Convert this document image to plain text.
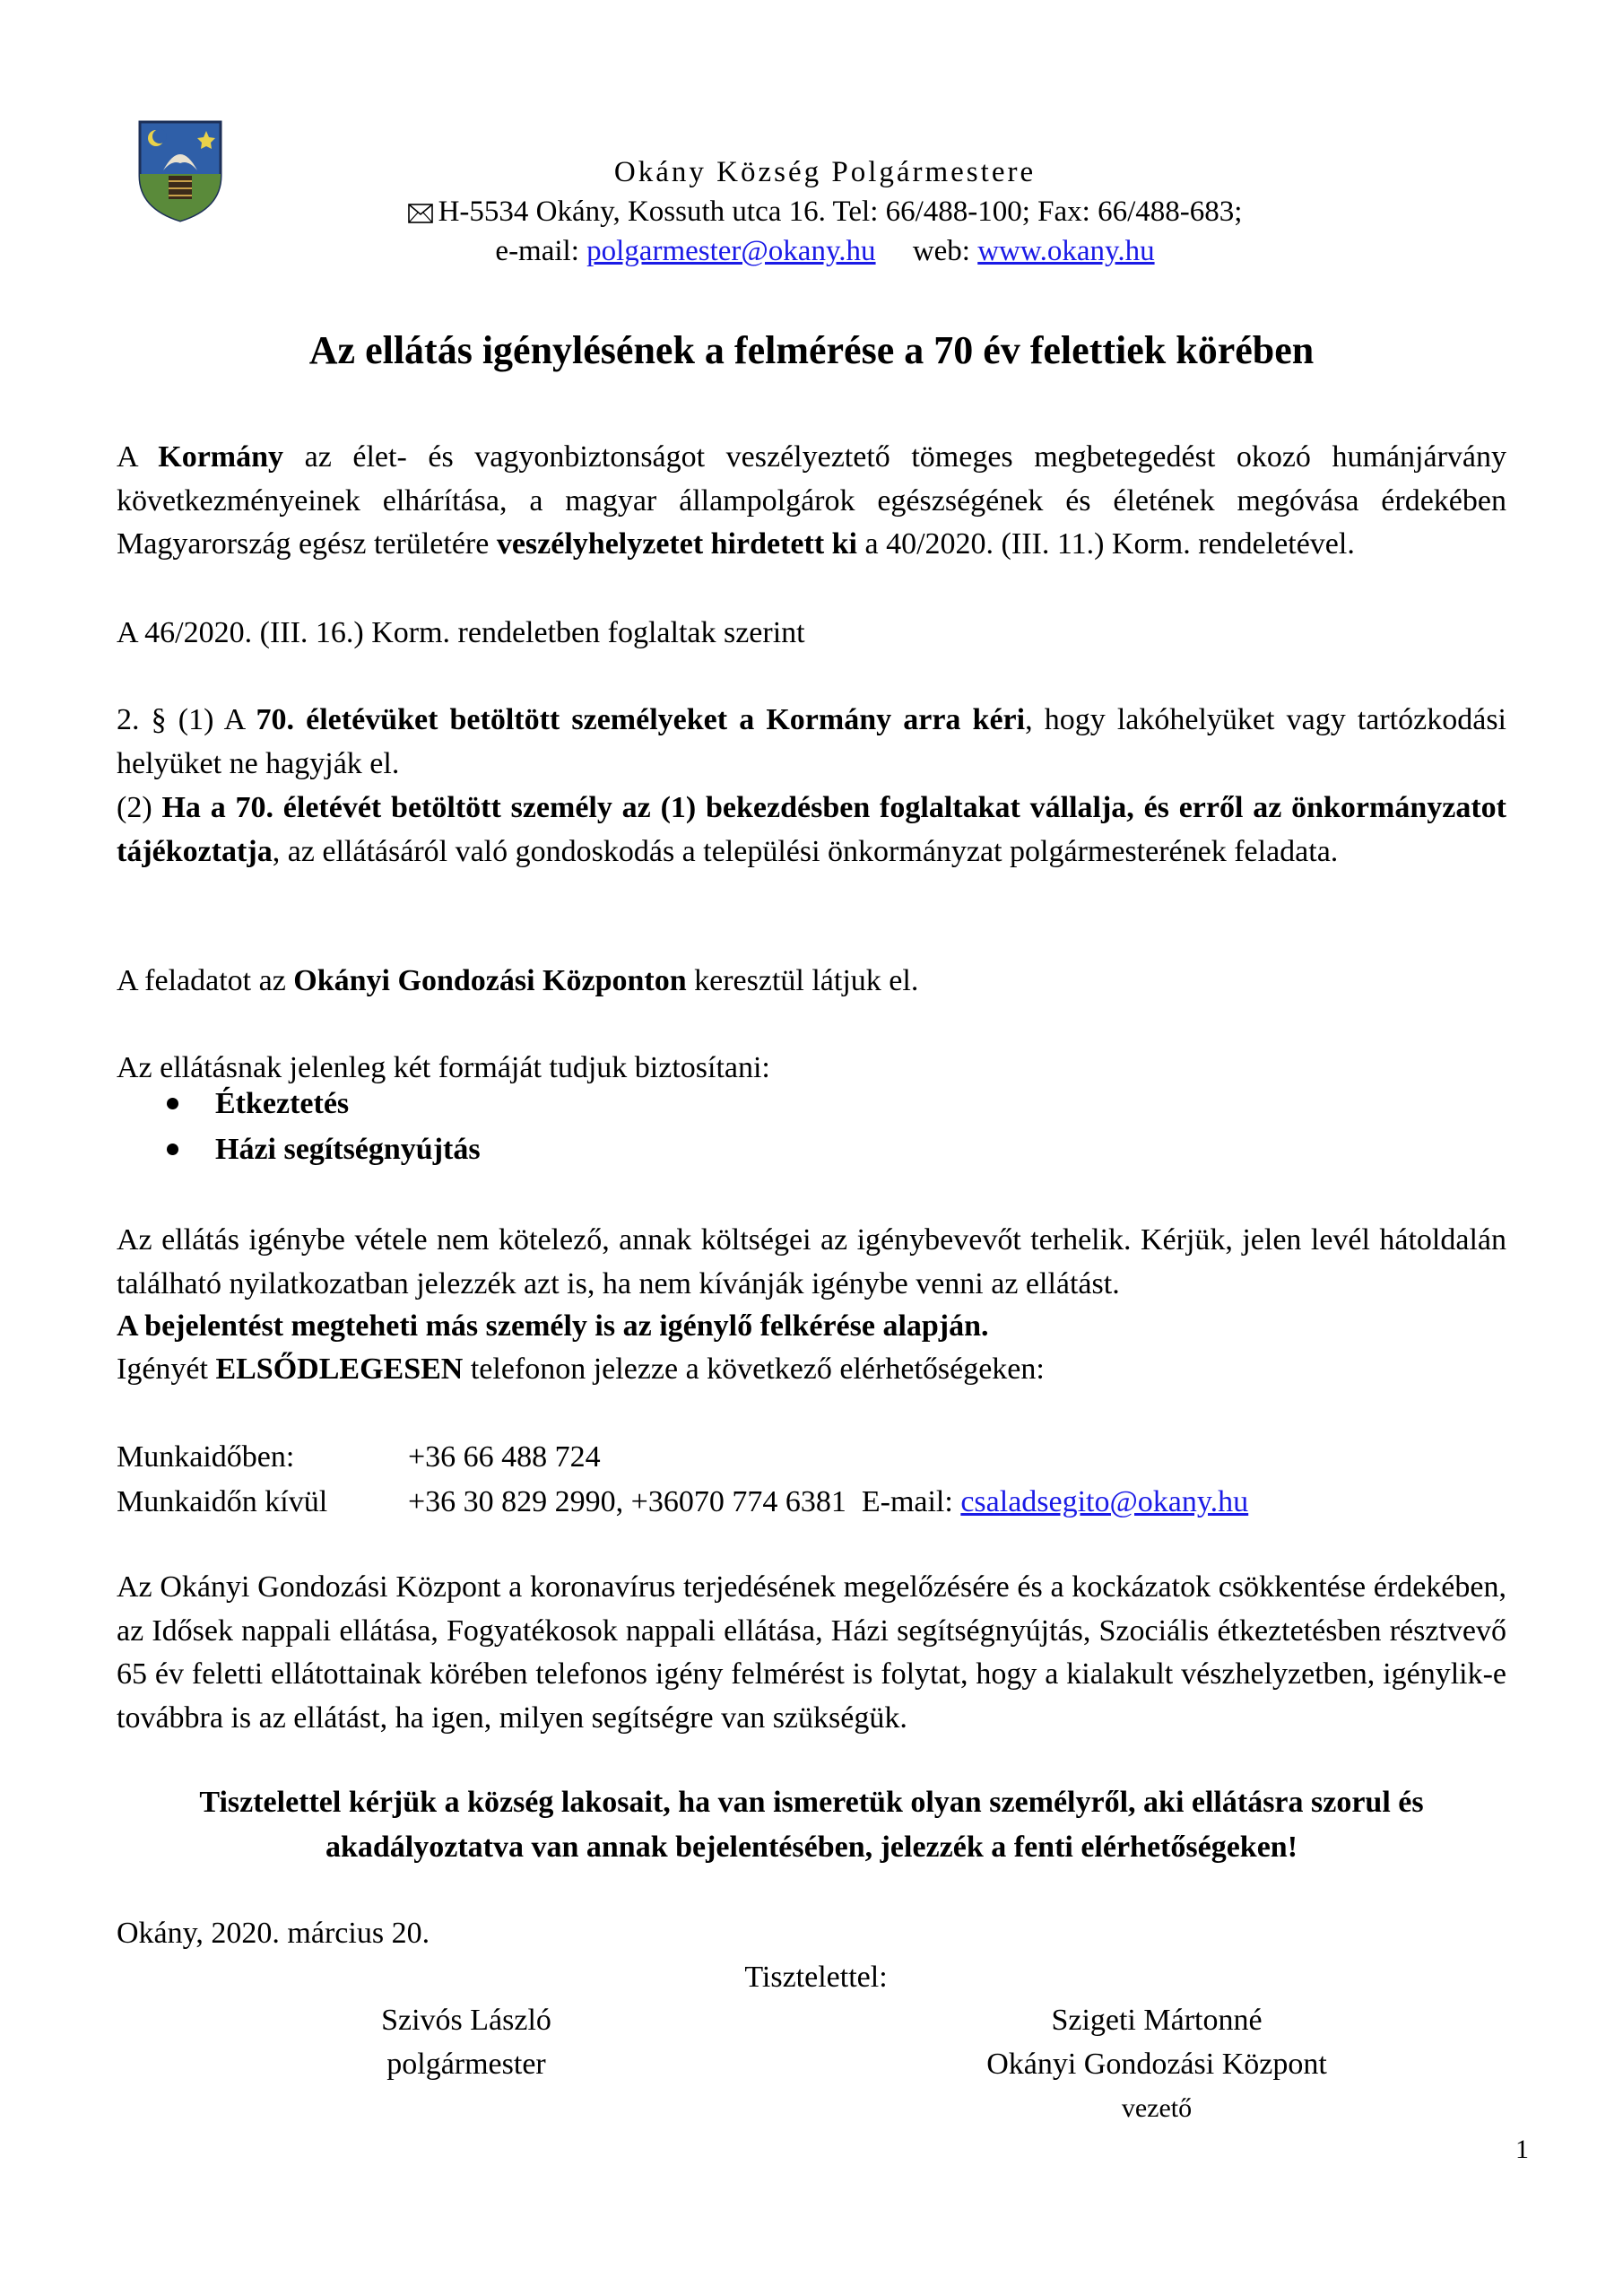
Okány Község Polgármestere
H-5534 Okány, Kossuth utca 16. Tel: 66/488-100; Fax: 66/488-683;
e-mail: polgarmester@okany.hu web: www.okany.hu
Az ellátás igénylésének a felmérése a 70 év felettiek körében
A Kormány az élet- és vagyonbiztonságot veszélyeztető tömeges megbetegedést okozó humánjárvány következményeinek elhárítása, a magyar állampolgárok egészségének és életének megóvása érdekében Magyarország egész területére veszélyhelyzetet hirdetett ki a 40/2020. (III. 11.) Korm. rendeletével.
A 46/2020. (III. 16.) Korm. rendeletben foglaltak szerint
2. § (1) A 70. életévüket betöltött személyeket a Kormány arra kéri, hogy lakóhelyüket vagy tartózkodási helyüket ne hagyják el.
(2) Ha a 70. életévét betöltött személy az (1) bekezdésben foglaltakat vállalja, és erről az önkormányzatot tájékoztatja, az ellátásáról való gondoskodás a települési önkormányzat polgármesterének feladata.
A feladatot az Okányi Gondozási Központon keresztül látjuk el.
Az ellátásnak jelenleg két formáját tudjuk biztosítani:
Étkeztetés
Házi segítségnyújtás
Az ellátás igénybe vétele nem kötelező, annak költségei az igénybevevőt terhelik. Kérjük, jelen levél hátoldalán található nyilatkozatban jelezzék azt is, ha nem kívánják igénybe venni az ellátást.
A bejelentést megteheti más személy is az igénylő felkérése alapján.
Igényét ELSŐDLEGESEN telefonon jelezze a következő elérhetőségeken:
Munkaidőben:	+36 66 488 724
Munkaidőn kívül	+36 30 829 2990, +36070 774 6381 E-mail: csaladsegito@okany.hu
Az Okányi Gondozási Központ a koronavírus terjedésének megelőzésére és a kockázatok csökkentése érdekében, az Idősek nappali ellátása, Fogyatékosok nappali ellátása, Házi segítségnyújtás, Szociális étkeztetésben résztvevő 65 év feletti ellátottainak körében telefonos igény felmérést is folytat, hogy a kialakult vészhelyzetben, igénylik-e továbbra is az ellátást, ha igen, milyen segítségre van szükségük.
Tisztelettel kérjük a község lakosait, ha van ismeretük olyan személyről, aki ellátásra szorul és akadályoztatva van annak bejelentésében, jelezzék a fenti elérhetőségeken!
Okány, 2020. március 20.
Tisztelettel:
Szivós László
polgármester
Szigeti Mártonné
Okányi Gondozási Központ
vezető
1
